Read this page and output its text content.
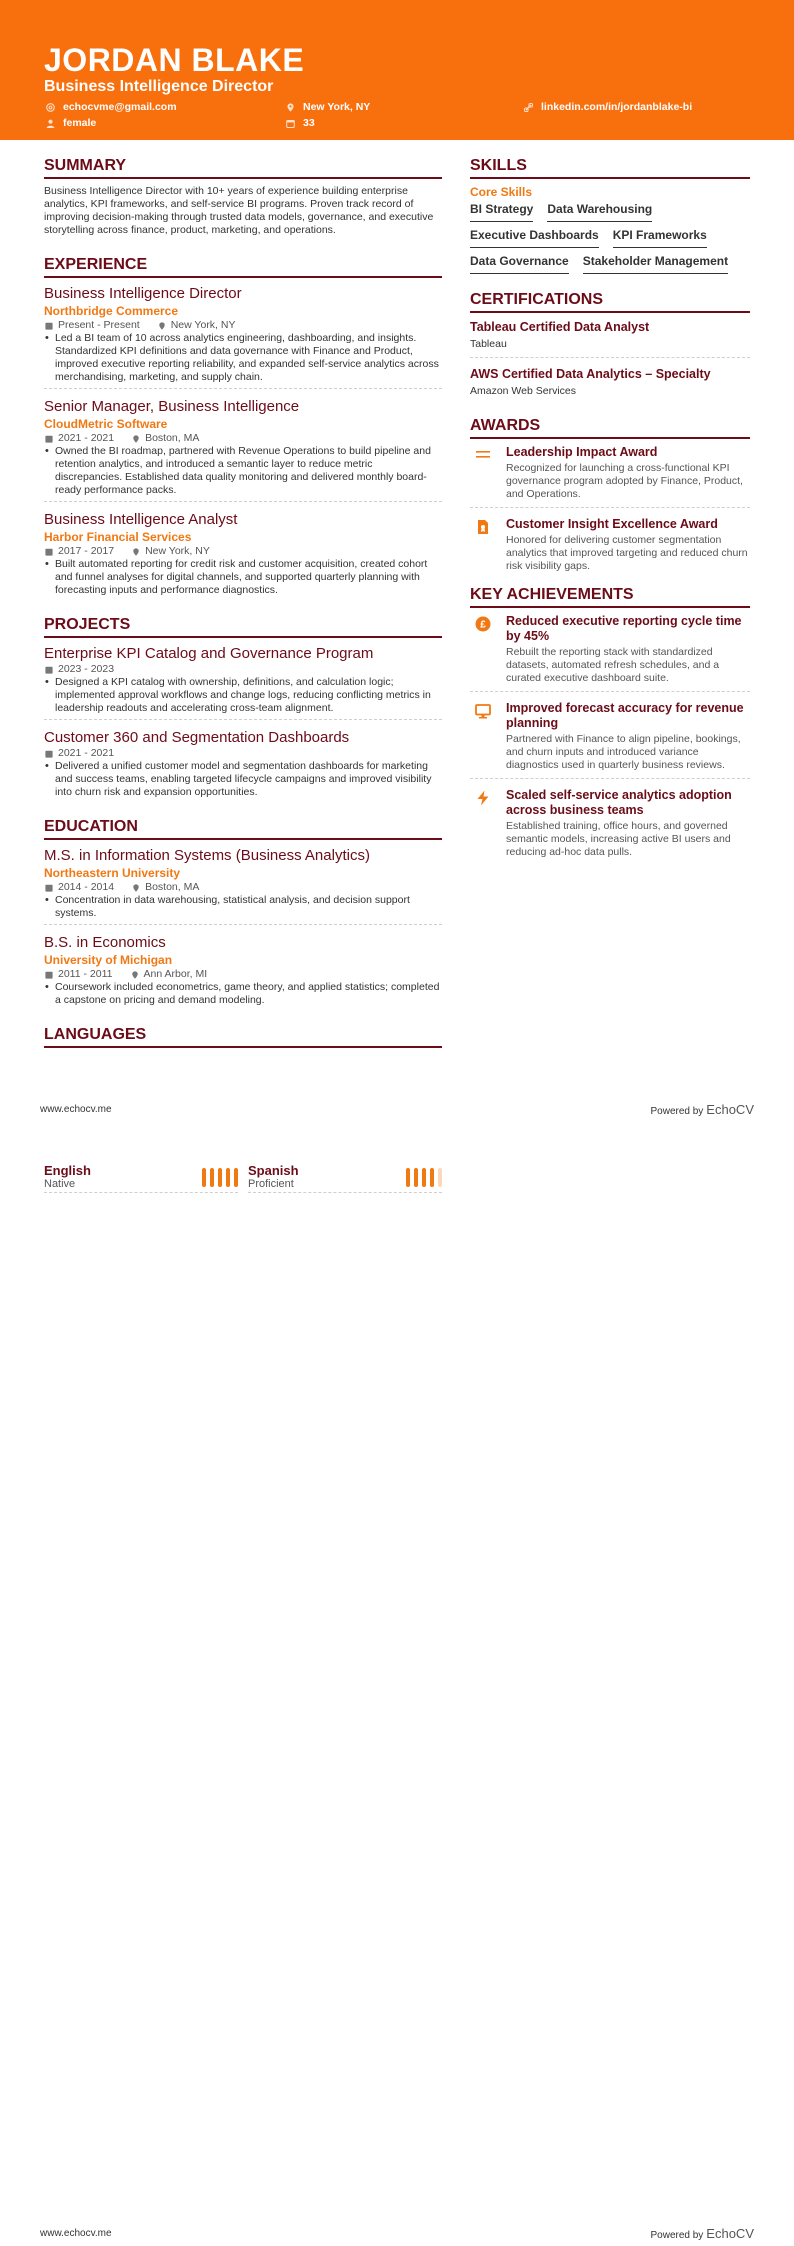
JORDAN BLAKE
Business Intelligence Director
echocvme@gmail.com	New York, NY	linkedin.com/in/jordanblake-bi
female	33
SUMMARY
Business Intelligence Director with 10+ years of experience building enterprise analytics, KPI frameworks, and self-service BI programs. Proven track record of improving decision-making through trusted data models, governance, and executive storytelling across finance, product, marketing, and operations.
EXPERIENCE
Business Intelligence Director
Northbridge Commerce
Present - Present	New York, NY
• Led a BI team of 10 across analytics engineering, dashboarding, and insights. Standardized KPI definitions and data governance with Finance and Product, improved executive reporting reliability, and expanded self-service analytics across merchandising, marketing, and supply chain.
Senior Manager, Business Intelligence
CloudMetric Software
2021 - 2021	Boston, MA
• Owned the BI roadmap, partnered with Revenue Operations to build pipeline and retention analytics, and introduced a semantic layer to reduce metric discrepancies. Established data quality monitoring and delivered monthly board-ready performance packs.
Business Intelligence Analyst
Harbor Financial Services
2017 - 2017	New York, NY
• Built automated reporting for credit risk and customer acquisition, created cohort and funnel analyses for digital channels, and supported quarterly planning with forecasting inputs and performance diagnostics.
PROJECTS
Enterprise KPI Catalog and Governance Program
2023 - 2023
• Designed a KPI catalog with ownership, definitions, and calculation logic; implemented approval workflows and change logs, reducing conflicting metrics in leadership readouts and accelerating cross-team alignment.
Customer 360 and Segmentation Dashboards
2021 - 2021
• Delivered a unified customer model and segmentation dashboards for marketing and success teams, enabling targeted lifecycle campaigns and improved visibility into churn risk and expansion opportunities.
EDUCATION
M.S. in Information Systems (Business Analytics)
Northeastern University
2014 - 2014	Boston, MA
• Concentration in data warehousing, statistical analysis, and decision support systems.
B.S. in Economics
University of Michigan
2011 - 2011	Ann Arbor, MI
• Coursework included econometrics, game theory, and applied statistics; completed a capstone on pricing and demand modeling.
LANGUAGES
SKILLS
Core Skills
BI Strategy Data Warehousing
Executive Dashboards KPI Frameworks
Data Governance Stakeholder Management
CERTIFICATIONS
Tableau Certified Data Analyst
Tableau
AWS Certified Data Analytics – Specialty
Amazon Web Services
AWARDS
Leadership Impact Award
Recognized for launching a cross-functional KPI governance program adopted by Finance, Product, and Operations.
Customer Insight Excellence Award
Honored for delivering customer segmentation analytics that improved targeting and reduced churn risk visibility gaps.
KEY ACHIEVEMENTS
£ Reduced executive reporting cycle time by 45%
Rebuilt the reporting stack with standardized datasets, automated refresh schedules, and a curated executive dashboard suite.
Improved forecast accuracy for revenue planning
Partnered with Finance to align pipeline, bookings, and churn inputs and introduced variance diagnostics used in quarterly business reviews.
Scaled self-service analytics adoption across business teams
Established training, office hours, and governed semantic models, increasing active BI users and reducing ad-hoc data pulls.
www.echocv.me	Powered by EchoCV
English
Native
Spanish
Proficient
www.echocv.me	Powered by EchoCV
